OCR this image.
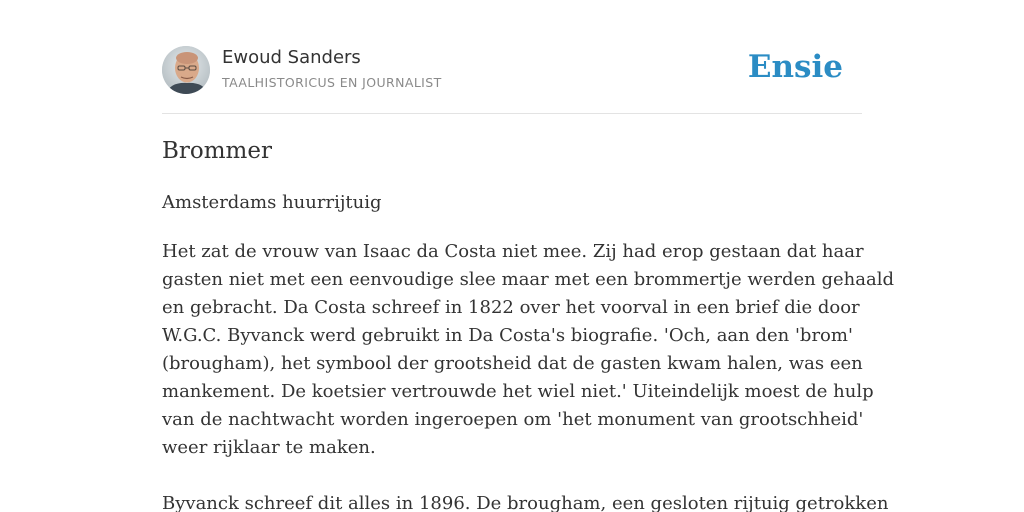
Ewoud Sanders
TAALHISTORICUS EN JOURNALIST	Ensie
Brommer
Amsterdams huurrijtuig

Het zat de vrouw van Isaac da Costa niet mee. Zij had erop gestaan dat haar
gasten niet met een eenvoudige slee maar met een brommertje werden gehaald
en gebracht. Da Costa schreef in 1822 over het voorval in een brief die door
W.G.C. Byvanck werd gebruikt in Da Costa's biografie. 'Och, aan den 'brom'
(brougham), het symbool der grootsheid dat de gasten kwam halen, was een
mankement. De koetsier vertrouwde het wiel niet.' Uiteindelijk moest de hulp
van de nachtwacht worden ingeroepen om 'het monument van grootschheid'
weer rijklaar te maken.

Byvanck schreef dit alles in 1896. De brougham, een gesloten rijtuig getrokken
